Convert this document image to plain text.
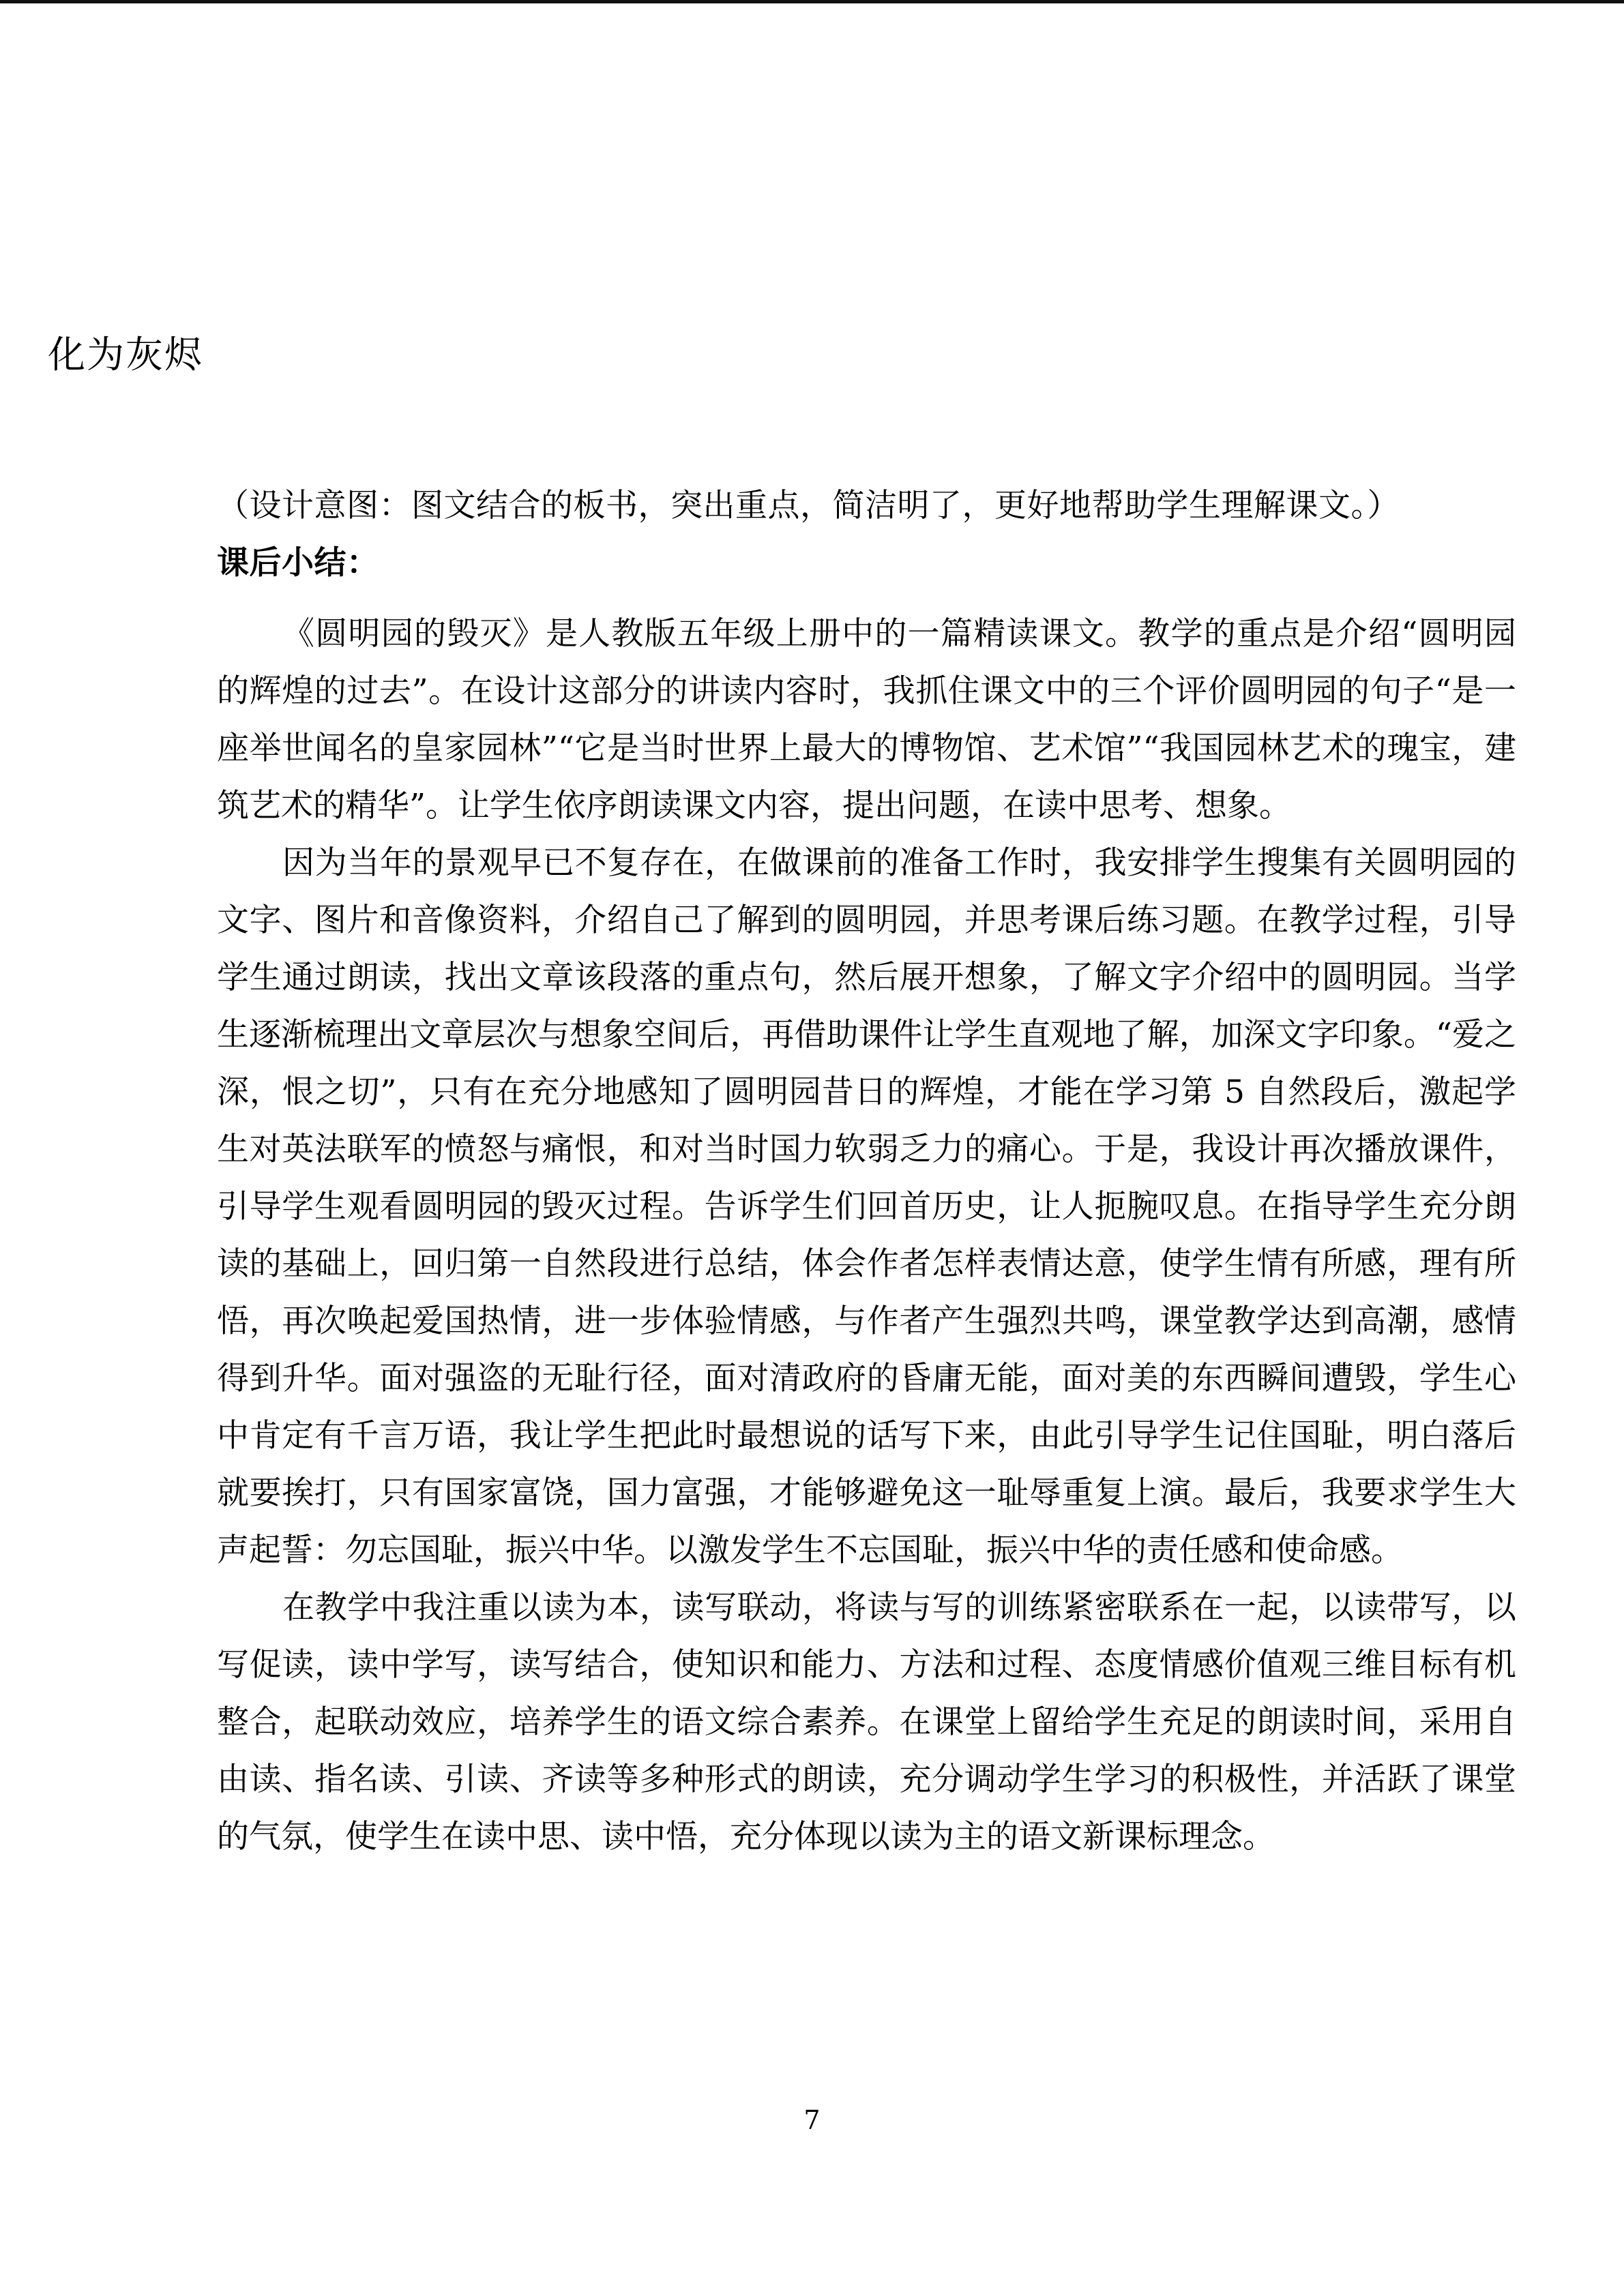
化为灰烬
（设计意图：图文结合的板书，突出重点，简洁明了，更好地帮助学生理解课文。）
课后小结：

《圆明园的毁灭》是人教版五年级上册中的一篇精读课文。教学的重点是介绍“圆明园的辉煌的过去”。在设计这部分的讲读内容时，我抓住课文中的三个评价圆明园的句子“是一座举世闻名的皇家园林”“它是当时世界上最大的博物馆、艺术馆”“我国园林艺术的瑰宝，建筑艺术的精华”。让学生依序朗读课文内容，提出问题，在读中思考、想象。

因为当年的景观早已不复存在，在做课前的准备工作时，我安排学生搜集有关圆明园的文字、图片和音像资料，介绍自己了解到的圆明园，并思考课后练习题。在教学过程，引导学生通过朗读，找出文章该段落的重点句，然后展开想象，了解文字介绍中的圆明园。当学生逐渐梳理出文章层次与想象空间后，再借助课件让学生直观地了解，加深文字印象。“爱之深，恨之切”，只有在充分地感知了圆明园昔日的辉煌，才能在学习第 5 自然段后，激起学生对英法联军的愤怒与痛恨，和对当时国力软弱乏力的痛心。于是，我设计再次播放课件，引导学生观看圆明园的毁灭过程。告诉学生们回首历史，让人扼腕叹息。在指导学生充分朗读的基础上，回归第一自然段进行总结，体会作者怎样表情达意，使学生情有所感，理有所悟，再次唤起爱国热情，进一步体验情感，与作者产生强烈共鸣，课堂教学达到高潮，感情得到升华。面对强盗的无耻行径，面对清政府的昏庸无能，面对美的东西瞬间遭毁，学生心中肯定有千言万语，我让学生把此时最想说的话写下来，由此引导学生记住国耻，明白落后就要挨打，只有国家富饶，国力富强，才能够避免这一耻辱重复上演。最后，我要求学生大声起誓：勿忘国耻，振兴中华。以激发学生不忘国耻，振兴中华的责任感和使命感。

在教学中我注重以读为本，读写联动，将读与写的训练紧密联系在一起，以读带写，以写促读，读中学写，读写结合，使知识和能力、方法和过程、态度情感价值观三维目标有机整合，起联动效应，培养学生的语文综合素养。在课堂上留给学生充足的朗读时间，采用自由读、指名读、引读、齐读等多种形式的朗读，充分调动学生学习的积极性，并活跃了课堂的气氛，使学生在读中思、读中悟，充分体现以读为主的语文新课标理念。

7
